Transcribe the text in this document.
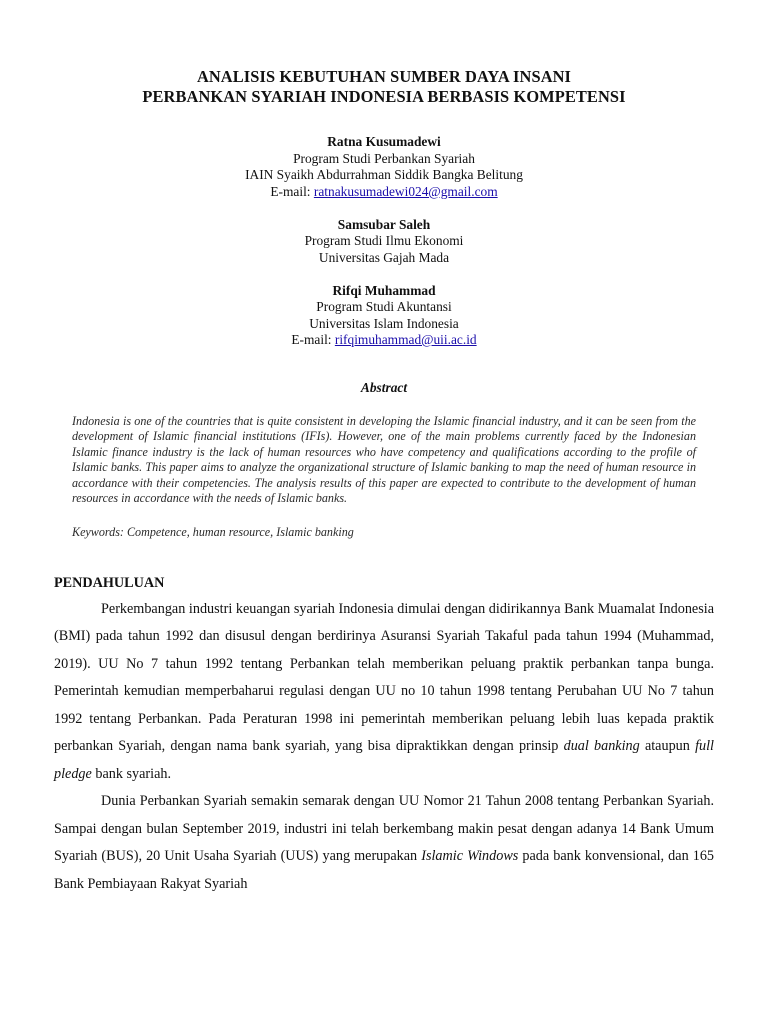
ANALISIS KEBUTUHAN SUMBER DAYA INSANI
PERBANKAN SYARIAH INDONESIA BERBASIS KOMPETENSI
Ratna Kusumadewi
Program Studi Perbankan Syariah
IAIN Syaikh Abdurrahman Siddik Bangka Belitung
E-mail: ratnakusumadewi024@gmail.com
Samsubar Saleh
Program Studi Ilmu Ekonomi
Universitas Gajah Mada
Rifqi Muhammad
Program Studi Akuntansi
Universitas Islam Indonesia
E-mail: rifqimuhammad@uii.ac.id
Abstract
Indonesia is one of the countries that is quite consistent in developing the Islamic financial industry, and it can be seen from the development of Islamic financial institutions (IFIs). However, one of the main problems currently faced by the Indonesian Islamic finance industry is the lack of human resources who have competency and qualifications according to the profile of Islamic banks. This paper aims to analyze the organizational structure of Islamic banking to map the need of human resource in accordance with their competencies. The analysis results of this paper are expected to contribute to the development of human resources in accordance with the needs of Islamic banks.
Keywords: Competence, human resource, Islamic banking
PENDAHULUAN

Perkembangan industri keuangan syariah Indonesia dimulai dengan didirikannya Bank Muamalat Indonesia (BMI) pada tahun 1992 dan disusul dengan berdirinya Asuransi Syariah Takaful pada tahun 1994 (Muhammad, 2019). UU No 7 tahun 1992 tentang Perbankan telah memberikan peluang praktik perbankan tanpa bunga. Pemerintah kemudian memperbaharui regulasi dengan UU no 10 tahun 1998 tentang Perubahan UU No 7 tahun 1992 tentang Perbankan. Pada Peraturan 1998 ini pemerintah memberikan peluang lebih luas kepada praktik perbankan Syariah, dengan nama bank syariah, yang bisa dipraktikkan dengan prinsip dual banking ataupun full pledge bank syariah.

Dunia Perbankan Syariah semakin semarak dengan UU Nomor 21 Tahun 2008 tentang Perbankan Syariah. Sampai dengan bulan September 2019, industri ini telah berkembang makin pesat dengan adanya 14 Bank Umum Syariah (BUS), 20 Unit Usaha Syariah (UUS) yang merupakan Islamic Windows pada bank konvensional, dan 165 Bank Pembiayaan Rakyat Syariah
